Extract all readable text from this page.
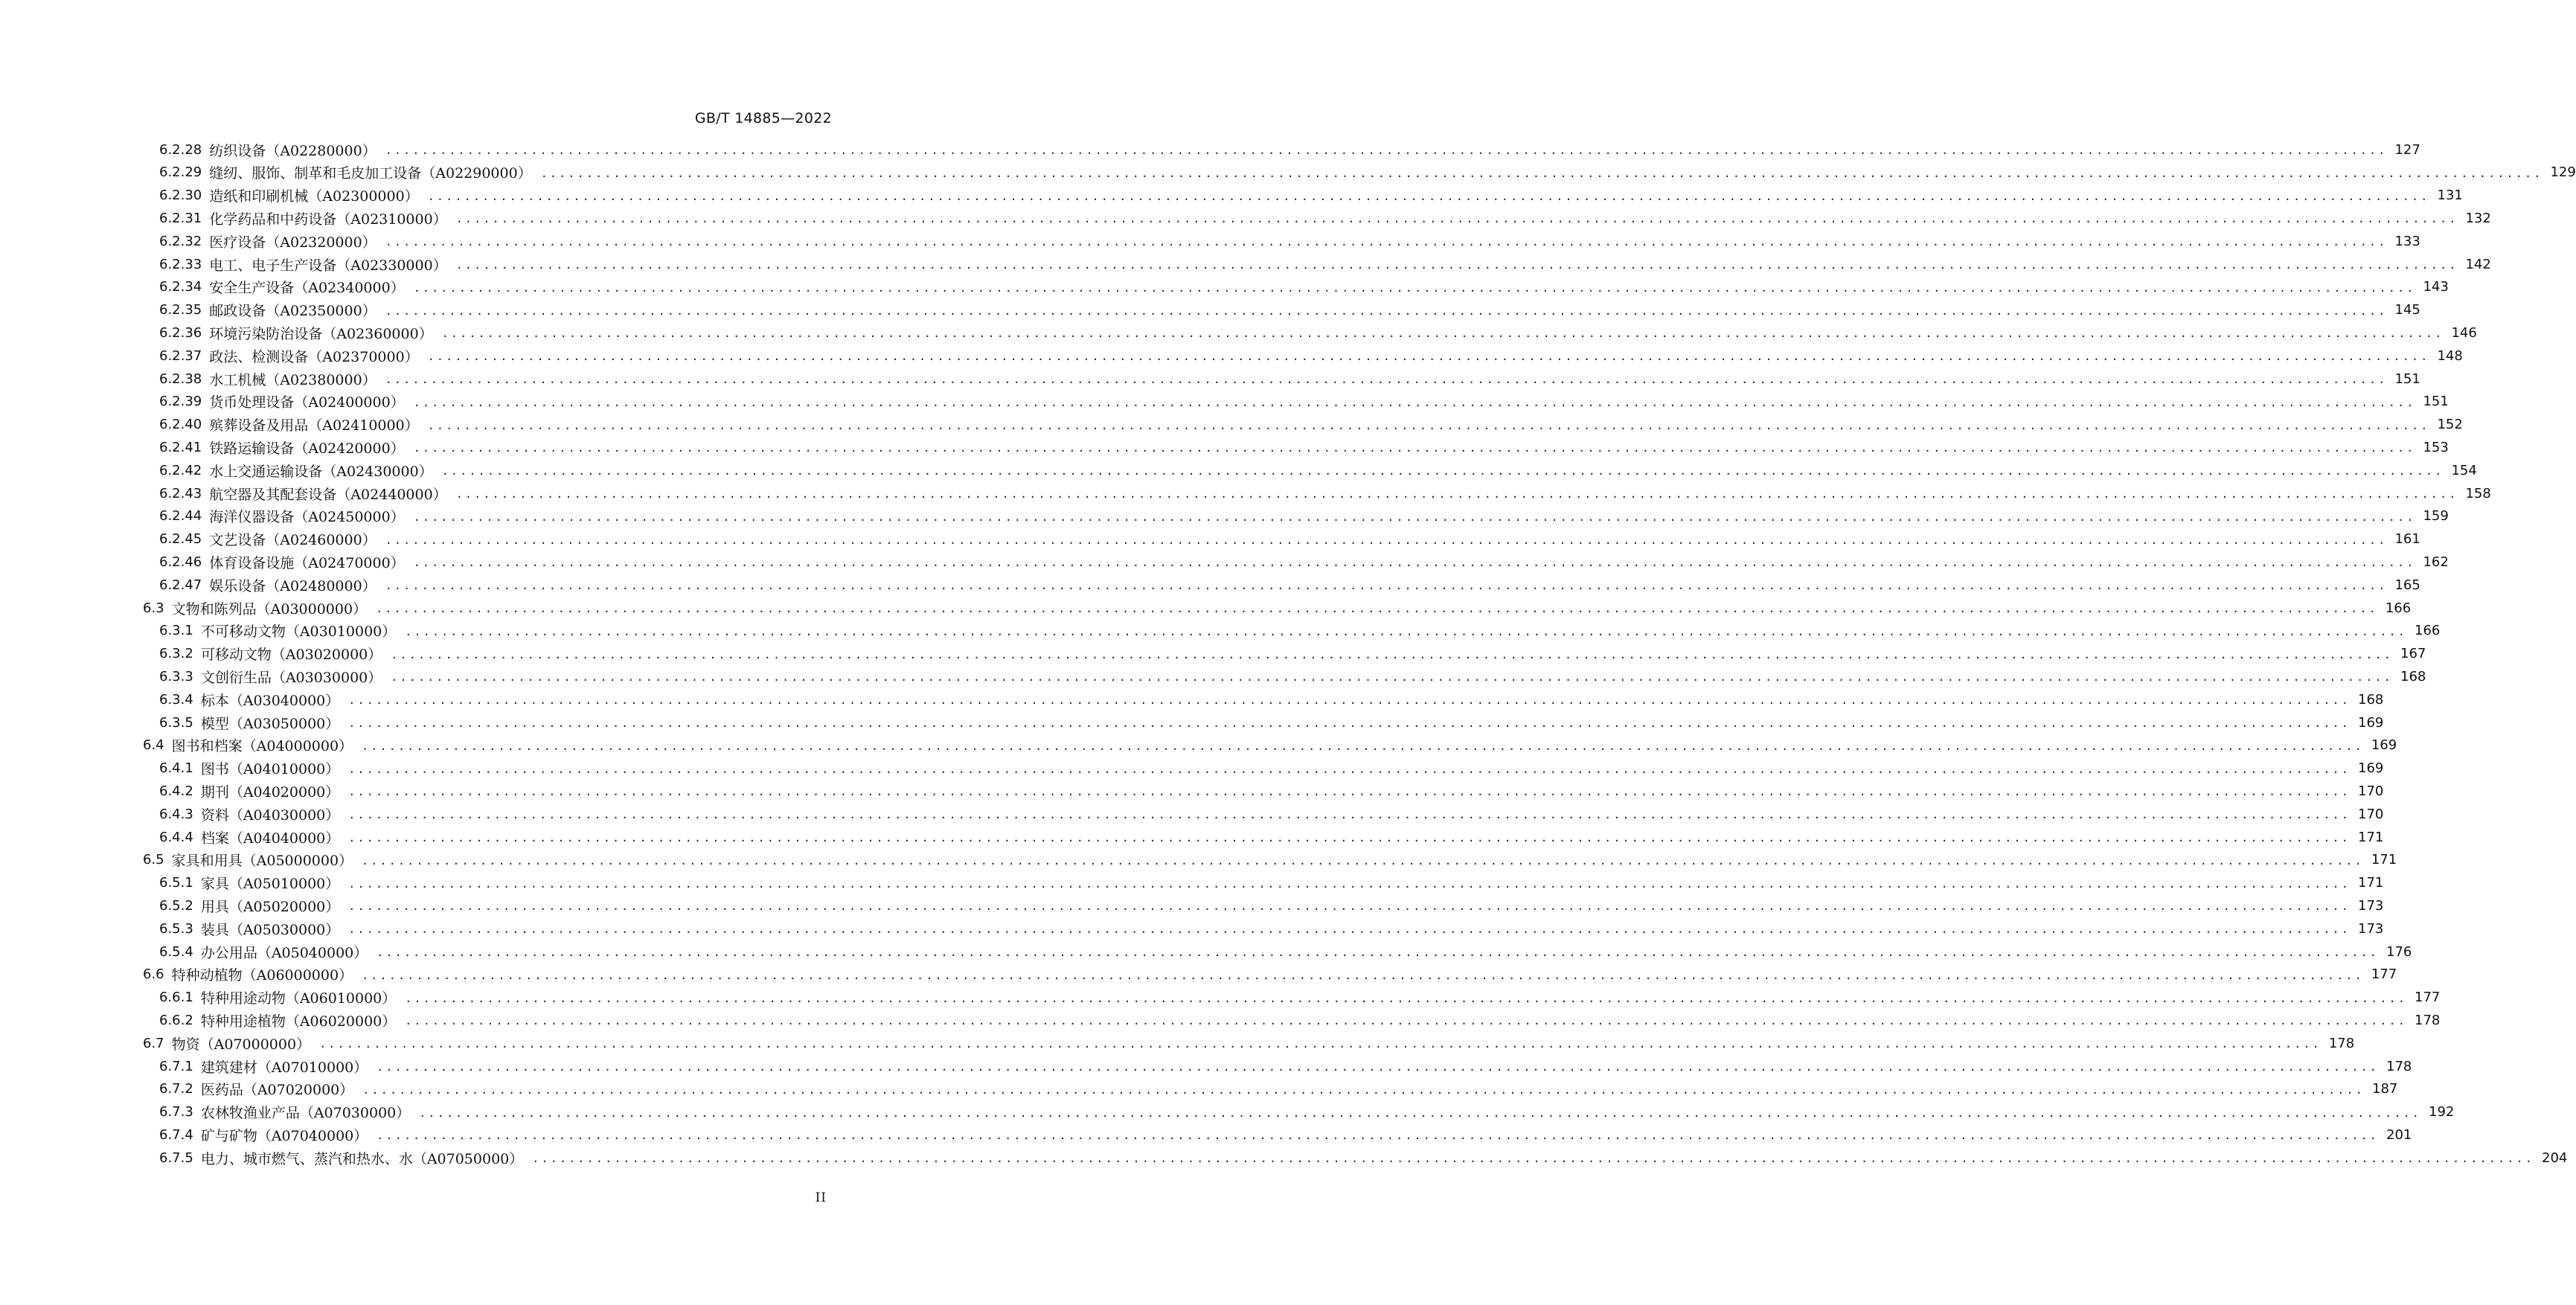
GB/T 14885—2022
6.2.28 纺织设备（A02280000） ............................................................................................................................................................................................................................ 127
6.2.29 缝纫、服饰、制革和毛皮加工设备（A02290000） ............................................................................................................................................................................................................................ 129
6.2.30 造纸和印刷机械（A02300000） ............................................................................................................................................................................................................................ 131
6.2.31 化学药品和中药设备（A02310000） ............................................................................................................................................................................................................................ 132
6.2.32 医疗设备（A02320000） ............................................................................................................................................................................................................................ 133
6.2.33 电工、电子生产设备（A02330000） ............................................................................................................................................................................................................................ 142
6.2.34 安全生产设备（A02340000） ............................................................................................................................................................................................................................ 143
6.2.35 邮政设备（A02350000） ............................................................................................................................................................................................................................ 145
6.2.36 环境污染防治设备（A02360000） ............................................................................................................................................................................................................................ 146
6.2.37 政法、检测设备（A02370000） ............................................................................................................................................................................................................................ 148
6.2.38 水工机械（A02380000） ............................................................................................................................................................................................................................ 151
6.2.39 货币处理设备（A02400000） ............................................................................................................................................................................................................................ 151
6.2.40 殡葬设备及用品（A02410000） ............................................................................................................................................................................................................................ 152
6.2.41 铁路运输设备（A02420000） ............................................................................................................................................................................................................................ 153
6.2.42 水上交通运输设备（A02430000） ............................................................................................................................................................................................................................ 154
6.2.43 航空器及其配套设备（A02440000） ............................................................................................................................................................................................................................ 158
6.2.44 海洋仪器设备（A02450000） ............................................................................................................................................................................................................................ 159
6.2.45 文艺设备（A02460000） ............................................................................................................................................................................................................................ 161
6.2.46 体育设备设施（A02470000） ............................................................................................................................................................................................................................ 162
6.2.47 娱乐设备（A02480000） ............................................................................................................................................................................................................................ 165
6.3 文物和陈列品（A03000000） ............................................................................................................................................................................................................................ 166
6.3.1 不可移动文物（A03010000） ............................................................................................................................................................................................................................ 166
6.3.2 可移动文物（A03020000） ............................................................................................................................................................................................................................ 167
6.3.3 文创衍生品（A03030000） ............................................................................................................................................................................................................................ 168
6.3.4 标本（A03040000） ............................................................................................................................................................................................................................ 168
6.3.5 模型（A03050000） ............................................................................................................................................................................................................................ 169
6.4 图书和档案（A04000000） ............................................................................................................................................................................................................................ 169
6.4.1 图书（A04010000） ............................................................................................................................................................................................................................ 169
6.4.2 期刊（A04020000） ............................................................................................................................................................................................................................ 170
6.4.3 资料（A04030000） ............................................................................................................................................................................................................................ 170
6.4.4 档案（A04040000） ............................................................................................................................................................................................................................ 171
6.5 家具和用具（A05000000） ............................................................................................................................................................................................................................ 171
6.5.1 家具（A05010000） ............................................................................................................................................................................................................................ 171
6.5.2 用具（A05020000） ............................................................................................................................................................................................................................ 173
6.5.3 装具（A05030000） ............................................................................................................................................................................................................................ 173
6.5.4 办公用品（A05040000） ............................................................................................................................................................................................................................ 176
6.6 特种动植物（A06000000） ............................................................................................................................................................................................................................ 177
6.6.1 特种用途动物（A06010000） ............................................................................................................................................................................................................................ 177
6.6.2 特种用途植物（A06020000） ............................................................................................................................................................................................................................ 178
6.7 物资（A07000000） ............................................................................................................................................................................................................................ 178
6.7.1 建筑建材（A07010000） ............................................................................................................................................................................................................................ 178
6.7.2 医药品（A07020000） ............................................................................................................................................................................................................................ 187
6.7.3 农林牧渔业产品（A07030000） ............................................................................................................................................................................................................................ 192
6.7.4 矿与矿物（A07040000） ............................................................................................................................................................................................................................ 201
6.7.5 电力、城市燃气、蒸汽和热水、水（A07050000） ............................................................................................................................................................................................................................ 204
II
